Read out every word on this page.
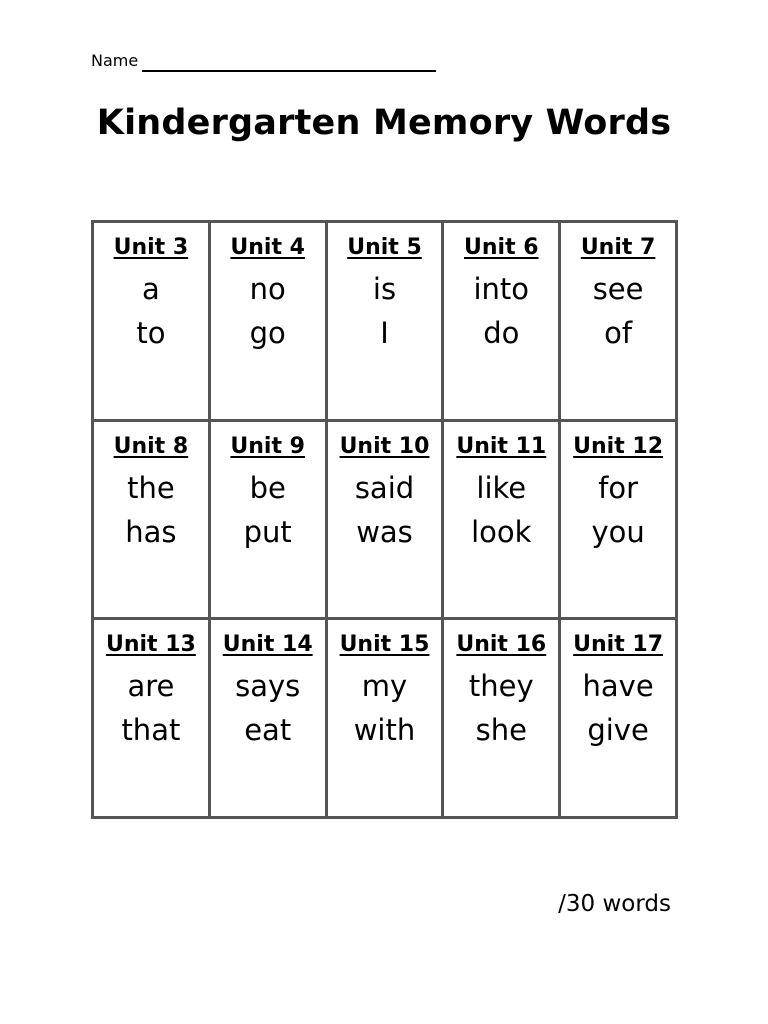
Name
Kindergarten Memory Words
Unit 3
a
to
Unit 4
no
go
Unit 5
is
I
Unit 6
into
do
Unit 7
see
of
Unit 8
the
has
Unit 9
be
put
Unit 10
said
was
Unit 11
like
look
Unit 12
for
you
Unit 13
are
that
Unit 14
says
eat
Unit 15
my
with
Unit 16
they
she
Unit 17
have
give
/30 words
